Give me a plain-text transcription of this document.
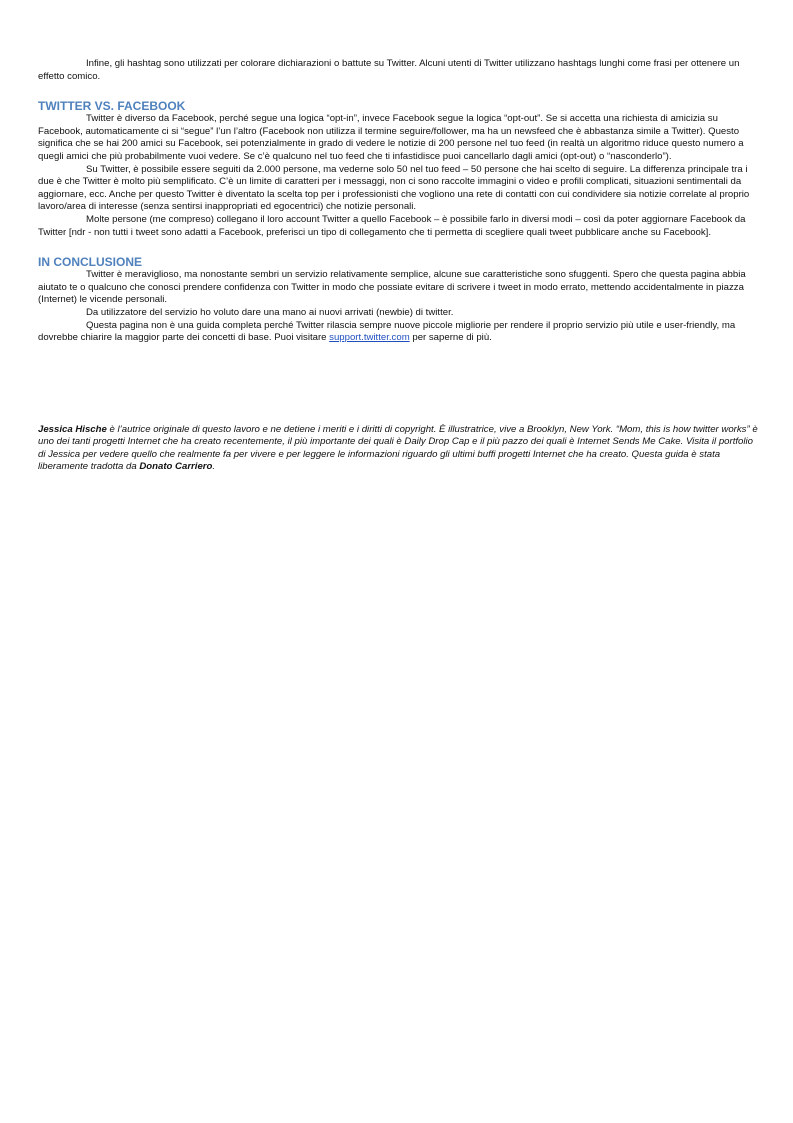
Infine, gli hashtag sono utilizzati per colorare dichiarazioni o battute su Twitter. Alcuni utenti di Twitter utilizzano hashtags lunghi come frasi per ottenere un effetto comico.

TWITTER VS. FACEBOOK

Twitter è diverso da Facebook, perché segue una logica “opt-in”, invece Facebook segue la logica “opt-out”. Se si accetta una richiesta di amicizia su Facebook, automaticamente ci si “segue” l’un l’altro (Facebook non utilizza il termine seguire/follower, ma ha un newsfeed che è abbastanza simile a Twitter). Questo significa che se hai 200 amici su Facebook, sei potenzialmente in grado di vedere le notizie di 200 persone nel tuo feed (in realtà un algoritmo riduce questo numero a quegli amici che più probabilmente vuoi vedere. Se c’è qualcuno nel tuo feed che ti infastidisce puoi cancellarlo dagli amici (opt-out) o “nasconderlo”).

Su Twitter, è possibile essere seguiti da 2.000 persone, ma vederne solo 50 nel tuo feed – 50 persone che hai scelto di seguire. La differenza principale tra i due è che Twitter è molto più semplificato. C’è un limite di caratteri per i messaggi, non ci sono raccolte immagini o video e profili complicati, situazioni sentimentali da aggiornare, ecc. Anche per questo Twitter è diventato la scelta top per i professionisti che vogliono una rete di contatti con cui condividere sia notizie correlate al proprio lavoro/area di interesse (senza sentirsi inappropriati ed egocentrici) che notizie personali.

Molte persone (me compreso) collegano il loro account Twitter a quello Facebook – è possibile farlo in diversi modi – così da poter aggiornare Facebook da Twitter [ndr - non tutti i tweet sono adatti a Facebook, preferisci un tipo di collegamento che ti permetta di scegliere quali tweet pubblicare anche su Facebook].

IN CONCLUSIONE

Twitter è meraviglioso, ma nonostante sembri un servizio relativamente semplice, alcune sue caratteristiche sono sfuggenti. Spero che questa pagina abbia aiutato te o qualcuno che conosci prendere confidenza con Twitter in modo che possiate evitare di scrivere i tweet in modo errato, mettendo accidentalmente in piazza (Internet) le vicende personali.

Da utilizzatore del servizio ho voluto dare una mano ai nuovi arrivati (newbie) di twitter.

Questa pagina non è una guida completa perché Twitter rilascia sempre nuove piccole migliorie per rendere il proprio servizio più utile e user-friendly, ma dovrebbe chiarire la maggior parte dei concetti di base. Puoi visitare support.twitter.com per saperne di più.

Jessica Hische è l’autrice originale di questo lavoro e ne detiene i meriti e i diritti di copyright. È illustratrice, vive a Brooklyn, New York. “Mom, this is how twitter works” è uno dei tanti progetti Internet che ha creato recentemente, il più importante dei quali è Daily Drop Cap e il più pazzo dei quali è Internet Sends Me Cake. Visita il portfolio di Jessica per vedere quello che realmente fa per vivere e per leggere le informazioni riguardo gli ultimi buffi progetti Internet che ha creato. Questa guida è stata liberamente tradotta da Donato Carriero.
